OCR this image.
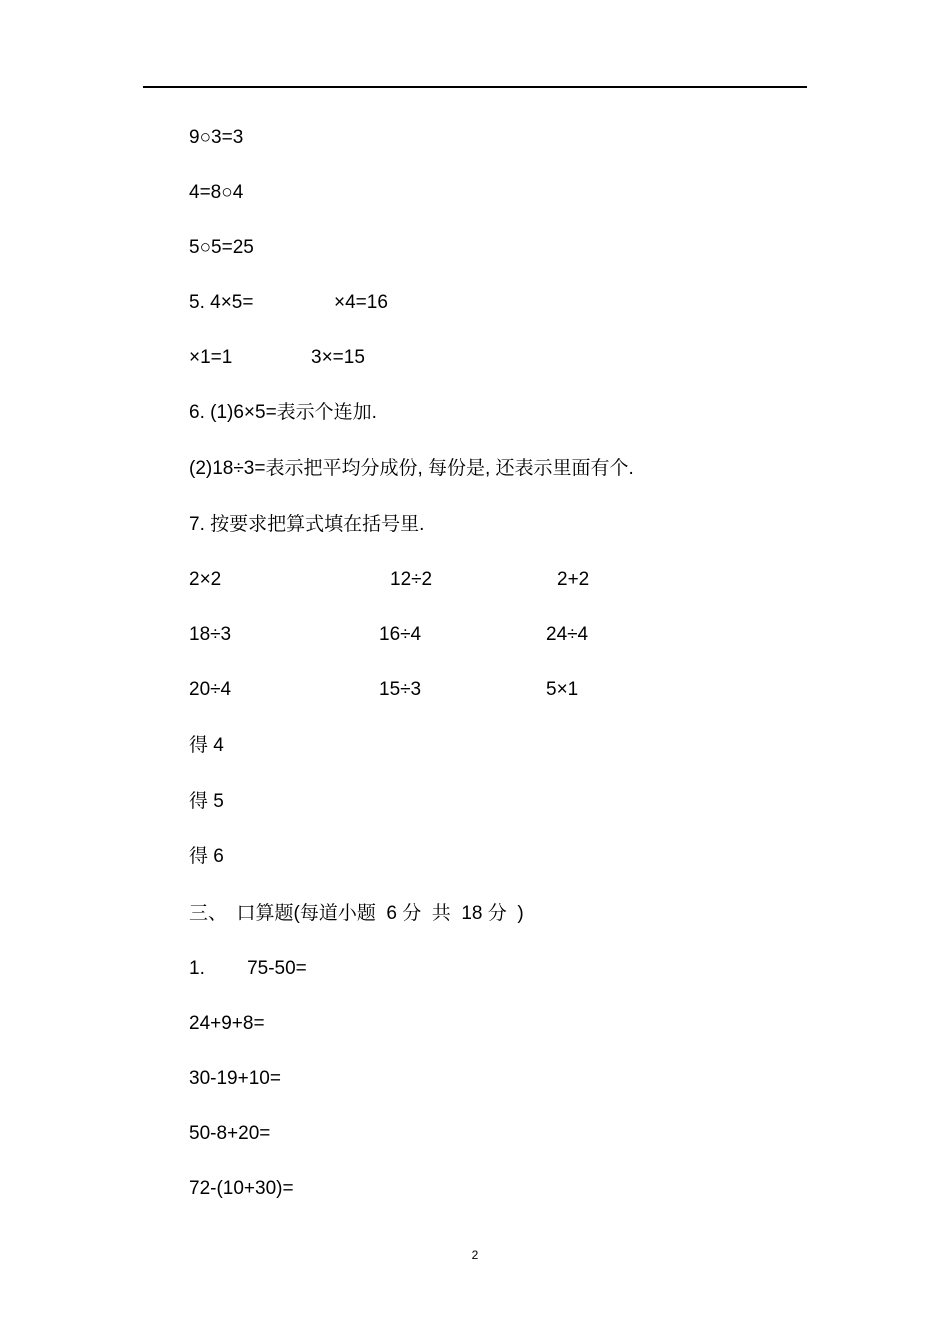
9○3=3
4=8○4
5○5=25
5. 4×5=	×4=16
×1=1	3×=15
6. (1)6×5=表示个连加.
(2)18÷3=表示把平均分成份, 每份是, 还表示里面有个.
7. 按要求把算式填在括号里.
2×2	12÷2	2+2
18÷3	16÷4	24÷4
20÷4	15÷3	5×1
得 4
得 5
得 6
三、　口算题(每道小题  6 分  共  18 分  )
1.        75-50=
24+9+8=
30-19+10=
50-8+20=
72-(10+30)=
2
